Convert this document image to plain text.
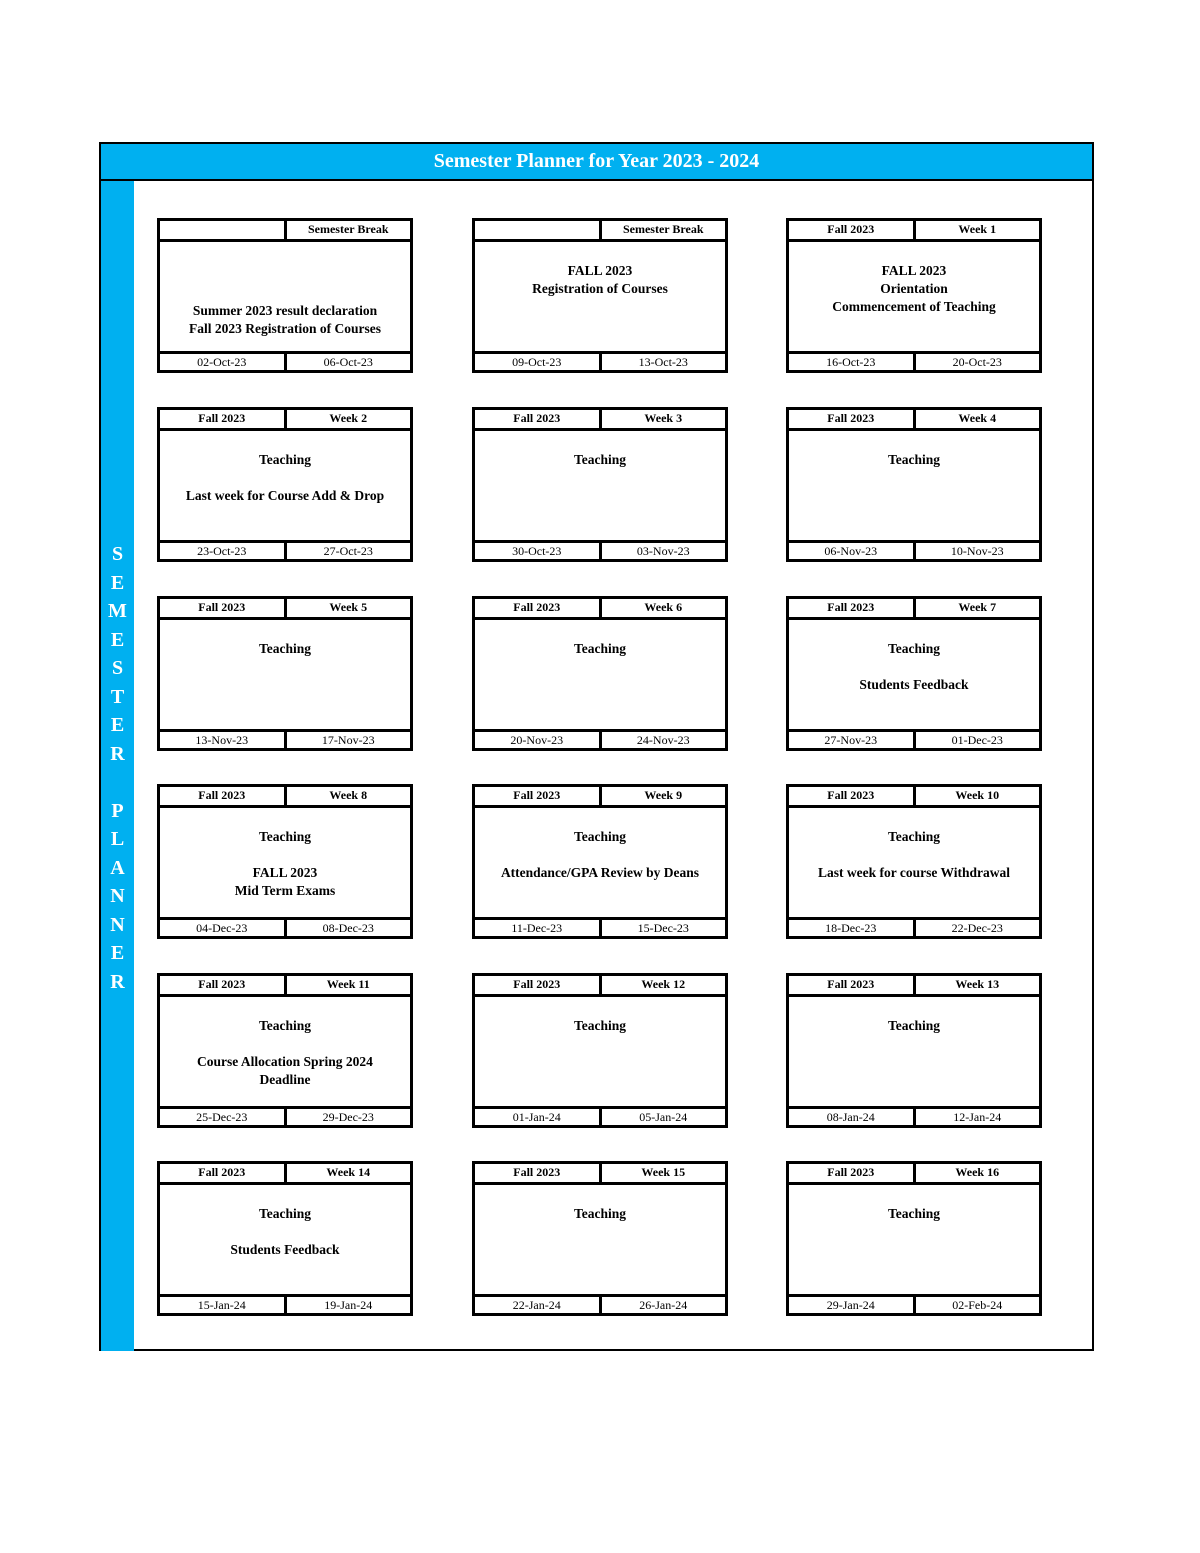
Semester Planner for Year 2023 - 2024
S
E
M
E
S
T
E
R
P
L
A
N
N
E
R
Semester Break
Summer 2023 result declaration
Fall 2023 Registration of Courses
02-Oct-23	06-Oct-23
Semester Break
FALL 2023
Registration of Courses
09-Oct-23	13-Oct-23
Fall 2023	Week 1
FALL 2023
Orientation
Commencement of Teaching
16-Oct-23	20-Oct-23
Fall 2023	Week 2
Teaching
Last week for Course Add & Drop
23-Oct-23	27-Oct-23
Fall 2023	Week 3
Teaching
30-Oct-23	03-Nov-23
Fall 2023	Week 4
Teaching
06-Nov-23	10-Nov-23
Fall 2023	Week 5
Teaching
13-Nov-23	17-Nov-23
Fall 2023	Week 6
Teaching
20-Nov-23	24-Nov-23
Fall 2023	Week 7
Teaching
Students Feedback
27-Nov-23	01-Dec-23
Fall 2023	Week 8
Teaching
FALL 2023
Mid Term Exams
04-Dec-23	08-Dec-23
Fall 2023	Week 9
Teaching
Attendance/GPA Review by Deans
11-Dec-23	15-Dec-23
Fall 2023	Week 10
Teaching
Last week for course Withdrawal
18-Dec-23	22-Dec-23
Fall 2023	Week 11
Teaching
Course Allocation Spring 2024
Deadline
25-Dec-23	29-Dec-23
Fall 2023	Week 12
Teaching
01-Jan-24	05-Jan-24
Fall 2023	Week 13
Teaching
08-Jan-24	12-Jan-24
Fall 2023	Week 14
Teaching
Students Feedback
15-Jan-24	19-Jan-24
Fall 2023	Week 15
Teaching
22-Jan-24	26-Jan-24
Fall 2023	Week 16
Teaching
29-Jan-24	02-Feb-24
